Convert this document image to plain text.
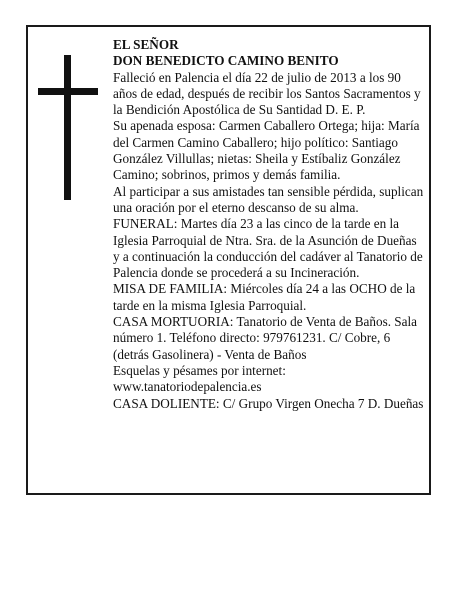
EL SEÑOR

DON BENEDICTO CAMINO BENITO

Falleció en Palencia el día 22 de julio de 2013 a los 90 años de edad, después de recibir los Santos Sacramentos y la Bendición Apostólica de Su Santidad D. E. P.

Su apenada esposa: Carmen Caballero Ortega; hija: María del Carmen Camino Caballero; hijo político: Santiago González Villullas; nietas: Sheila y Estíbaliz González Camino; sobrinos, primos y demás familia.

Al participar a sus amistades tan sensible pérdida, suplican una oración por el eterno descanso de su alma.

FUNERAL: Martes día 23 a las cinco de la tarde en la Iglesia Parroquial de Ntra. Sra. de la Asunción de Dueñas y a continuación la conducción del cadáver al Tanatorio de Palencia donde se procederá a su Incineración.

MISA DE FAMILIA: Miércoles día 24 a las OCHO de la tarde en la misma Iglesia Parroquial.

CASA MORTUORIA: Tanatorio de Venta de Baños. Sala número 1. Teléfono directo: 979761231. C/ Cobre, 6 (detrás Gasolinera) - Venta de Baños

Esquelas y pésames por internet:

www.tanatoriodepalencia.es

CASA DOLIENTE: C/ Grupo Virgen Onecha 7 D. Dueñas
